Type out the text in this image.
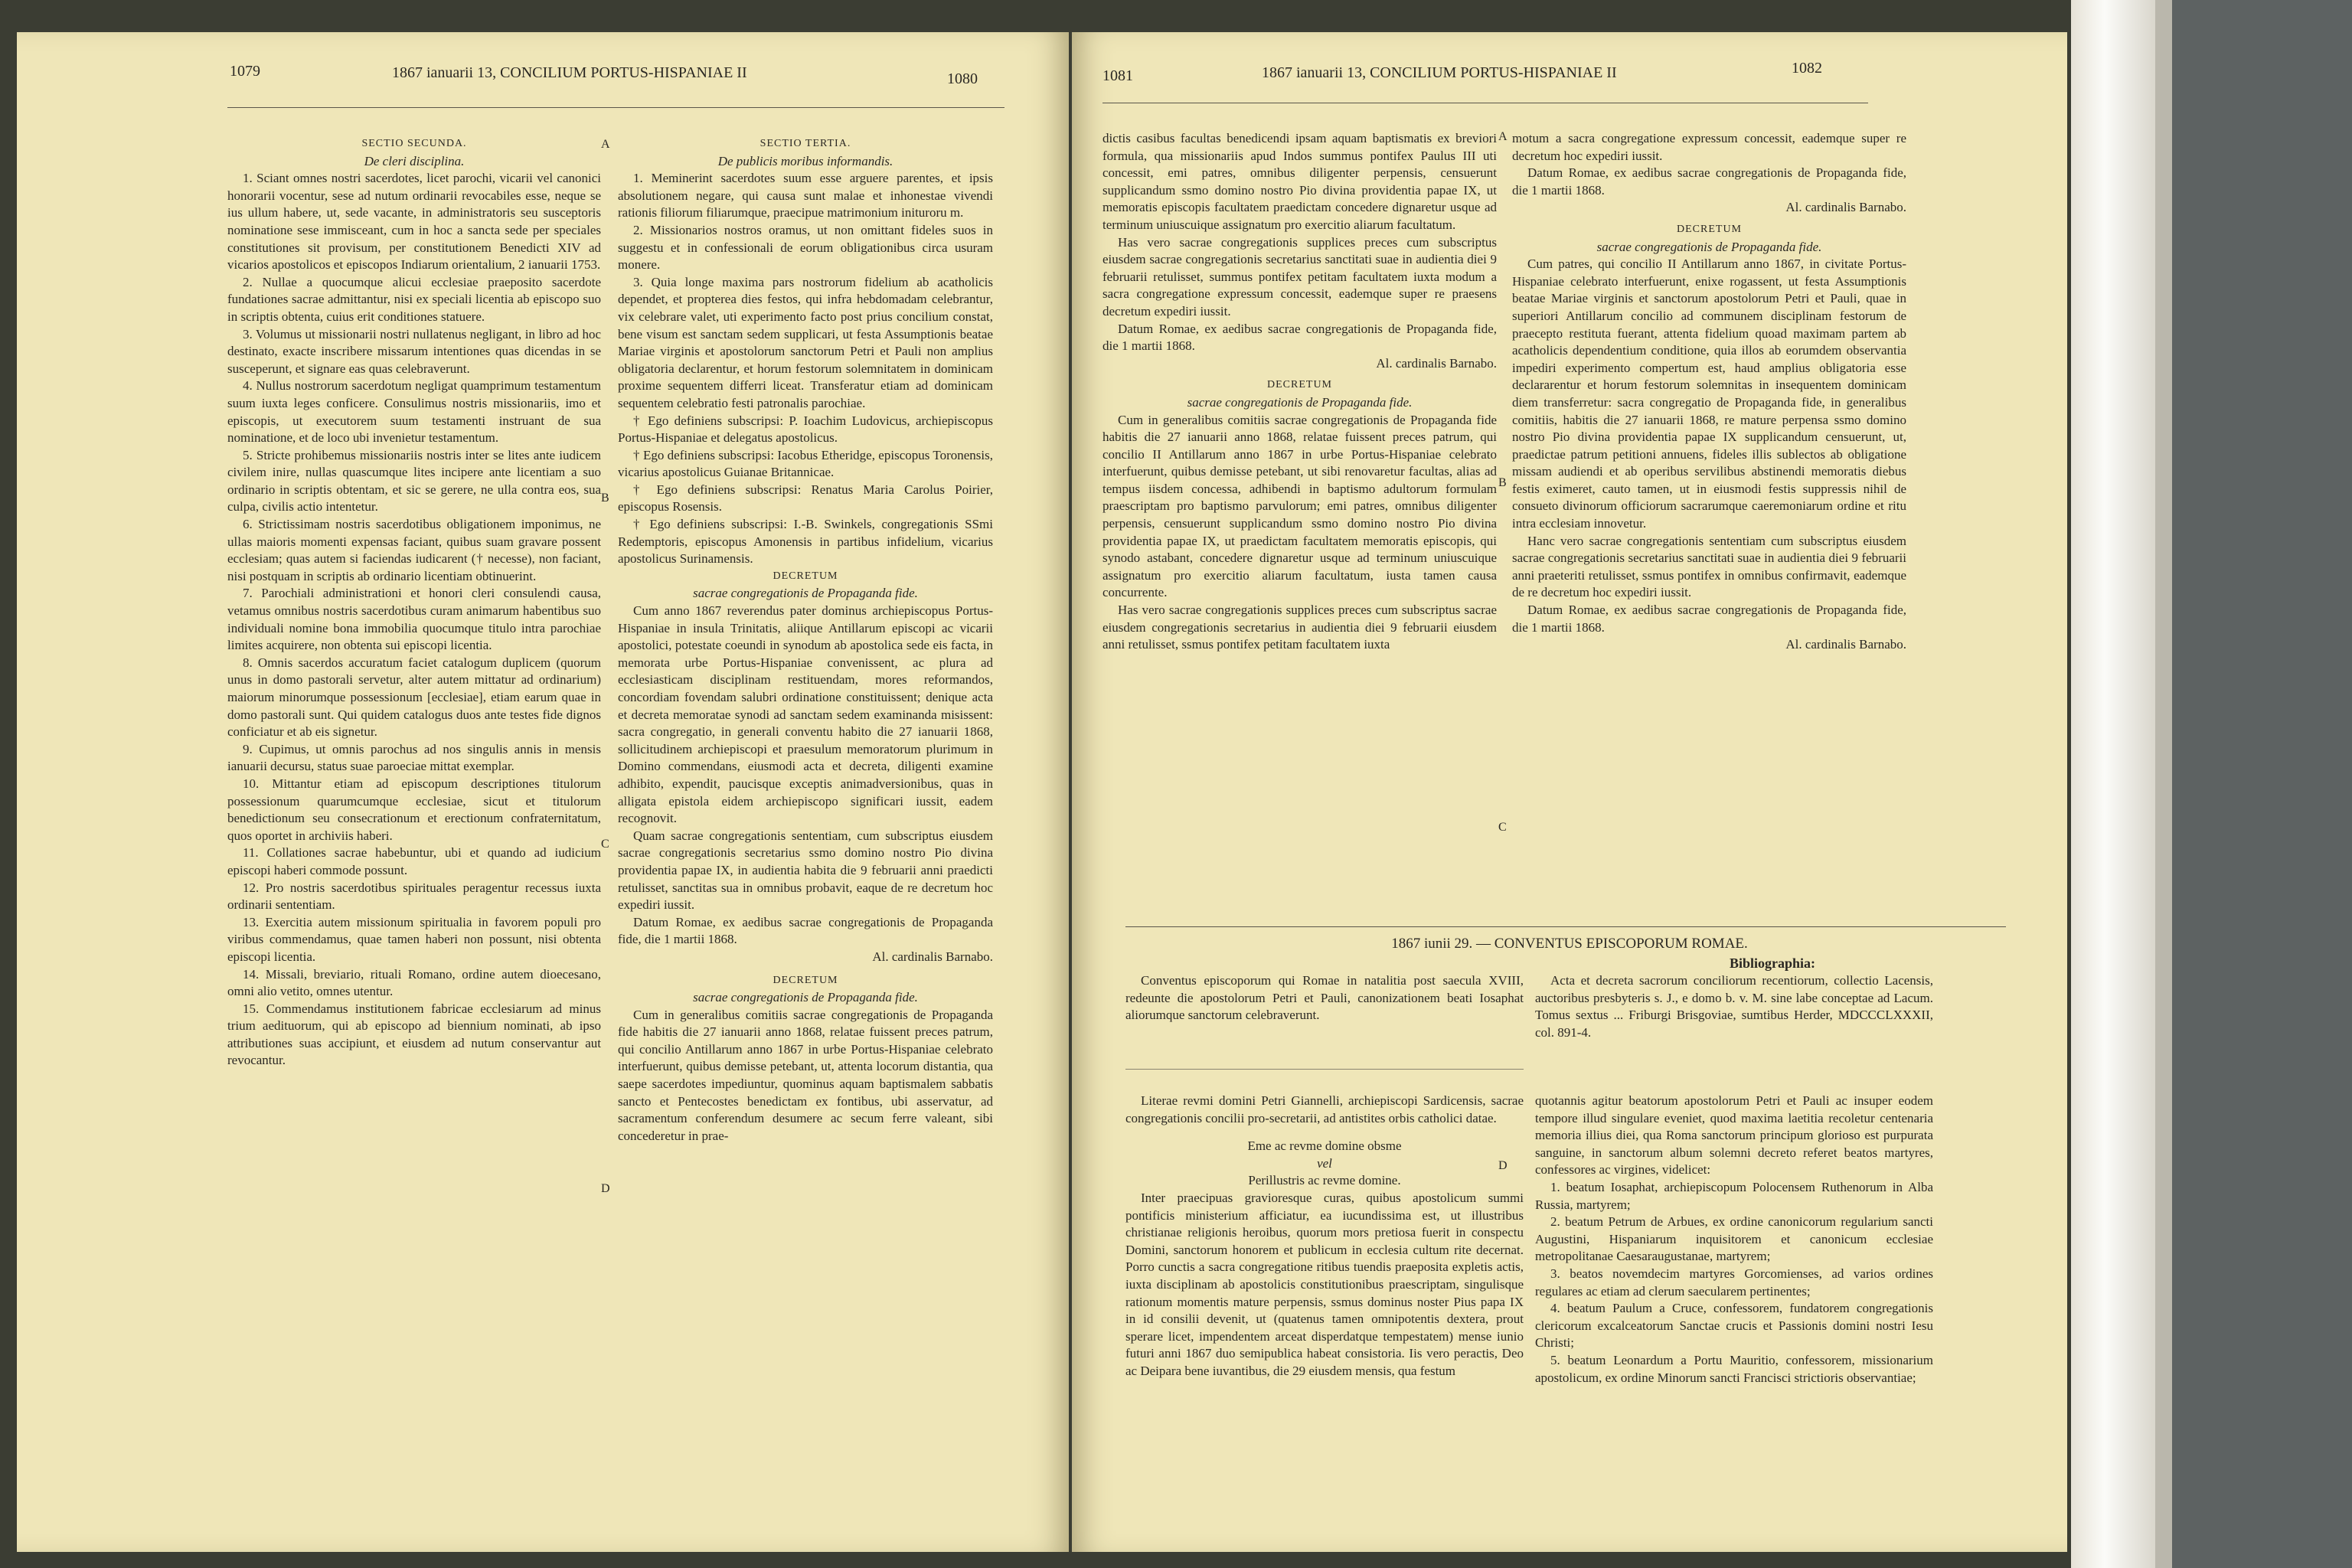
1079	1867 ianuarii 13, CONCILIUM PORTUS-HISPANIAE II	1080

SECTIO SECUNDA.

De cleri disciplina.

1. Sciant omnes nostri sacerdotes, licet parochi, vicarii vel canonici honorarii vocentur, sese ad nutum ordinarii revocabiles esse, neque se ius ullum habere, ut, sede vacante, in administratoris seu susceptoris nominatione sese immisceant, cum in hoc a sancta sede per speciales constitutiones sit provisum, per constitutionem Benedicti XIV ad vicarios apostolicos et episcopos Indiarum orientalium, 2 ianuarii 1753.

2. Nullae a quocumque alicui ecclesiae praeposito sacerdote fundationes sacrae admittantur, nisi ex speciali licentia ab episcopo suo in scriptis obtenta, cuius erit conditiones statuere.

3. Volumus ut missionarii nostri nullatenus negligant, in libro ad hoc destinato, exacte inscribere missarum intentiones quas dicendas in se susceperunt, et signare eas quas celebraverunt.

4. Nullus nostrorum sacerdotum negligat quamprimum testamentum suum iuxta leges conficere. Consulimus nostris missionariis, imo et episcopis, ut executorem suum testamenti instruant de sua nominatione, et de loco ubi invenietur testamentum.

5. Stricte prohibemus missionariis nostris inter se lites ante iudicem civilem inire, nullas quascumque lites incipere ante licentiam a suo ordinario in scriptis obtentam, et sic se gerere, ne ulla contra eos, sua culpa, civilis actio intentetur.

6. Strictissimam nostris sacerdotibus obligationem imponimus, ne ullas maioris momenti expensas faciant, quibus suam gravare possent ecclesiam; quas autem si faciendas iudicarent († necesse), non faciant, nisi postquam in scriptis ab ordinario licentiam obtinuerint.

7. Parochiali administrationi et honori cleri consulendi causa, vetamus omnibus nostris sacerdotibus curam animarum habentibus suo individuali nomine bona immobilia quocumque titulo intra parochiae limites acquirere, non obtenta sui episcopi licentia.

8. Omnis sacerdos accuratum faciet catalogum duplicem (quorum unus in domo pastorali servetur, alter autem mittatur ad ordinarium) maiorum minorumque possessionum [ecclesiae], etiam earum quae in domo pastorali sunt. Qui quidem catalogus duos ante testes fide dignos conficiatur et ab eis signetur.

9. Cupimus, ut omnis parochus ad nos singulis annis in mensis ianuarii decursu, status suae paroeciae mittat exemplar.

10. Mittantur etiam ad episcopum descriptiones titulorum possessionum quarumcumque ecclesiae, sicut et titulorum benedictionum seu consecrationum et erectionum confraternitatum, quos oportet in archiviis haberi.

11. Collationes sacrae habebuntur, ubi et quando ad iudicium episcopi haberi commode possunt.

12. Pro nostris sacerdotibus spirituales peragentur recessus iuxta ordinarii sententiam.

13. Exercitia autem missionum spiritualia in favorem populi pro viribus commendamus, quae tamen haberi non possunt, nisi obtenta episcopi licentia.

14. Missali, breviario, rituali Romano, ordine autem dioecesano, omni alio vetito, omnes utentur.

15. Commendamus institutionem fabricae ecclesiarum ad minus trium aedituorum, qui ab episcopo ad biennium nominati, ab ipso attributiones suas accipiunt, et eiusdem ad nutum conservantur aut revocantur.

A
B
C
D

SECTIO TERTIA.

De publicis moribus informandis.

1. Meminerint sacerdotes suum esse arguere parentes, et ipsis absolutionem negare, qui causa sunt malae et inhonestae vivendi rationis filiorum filiarumque, praecipue matrimonium inituroru m.

2. Missionarios nostros oramus, ut non omittant fideles suos in suggestu et in confessionali de eorum obligationibus circa usuram monere.

3. Quia longe maxima pars nostrorum fidelium ab acatholicis dependet, et propterea dies festos, qui infra hebdomadam celebrantur, vix celebrare valet, uti experimento facto post prius concilium constat, bene visum est sanctam sedem supplicari, ut festa Assumptionis beatae Mariae virginis et apostolorum sanctorum Petri et Pauli non amplius obligatoria declarentur, et horum festorum solemnitatem in dominicam proxime sequentem differri liceat. Transferatur etiam ad dominicam sequentem celebratio festi patronalis parochiae.

† Ego definiens subscripsi: P. Ioachim Ludovicus, archiepiscopus Portus-Hispaniae et delegatus apostolicus.

† Ego definiens subscripsi: Iacobus Etheridge, episcopus Toronensis, vicarius apostolicus Guianae Britannicae.

† Ego definiens subscripsi: Renatus Maria Carolus Poirier, episcopus Rosensis.

† Ego definiens subscripsi: I.-B. Swinkels, congregationis SSmi Redemptoris, episcopus Amonensis in partibus infidelium, vicarius apostolicus Surinamensis.

DECRETUM

sacrae congregationis de Propaganda fide.

Cum anno 1867 reverendus pater dominus archiepiscopus Portus-Hispaniae in insula Trinitatis, aliique Antillarum episcopi ac vicarii apostolici, potestate coeundi in synodum ab apostolica sede eis facta, in memorata urbe Portus-Hispaniae convenissent, ac plura ad ecclesiasticam disciplinam restituendam, mores reformandos, concordiam fovendam salubri ordinatione constituissent; denique acta et decreta memoratae synodi ad sanctam sedem examinanda misissent: sacra congregatio, in generali conventu habito die 27 ianuarii 1868, sollicitudinem archiepiscopi et praesulum memoratorum plurimum in Domino commendans, eiusmodi acta et decreta, diligenti examine adhibito, expendit, paucisque exceptis animadversionibus, quas in alligata epistola eidem archiepiscopo significari iussit, eadem recognovit.

Quam sacrae congregationis sententiam, cum subscriptus eiusdem sacrae congregationis secretarius ssmo domino nostro Pio divina providentia papae IX, in audientia habita die 9 februarii anni praedicti retulisset, sanctitas sua in omnibus probavit, eaque de re decretum hoc expediri iussit.

Datum Romae, ex aedibus sacrae congregationis de Propaganda fide, die 1 martii 1868.

Al. cardinalis Barnabo.

DECRETUM

sacrae congregationis de Propaganda fide.

Cum in generalibus comitiis sacrae congregationis de Propaganda fide habitis die 27 ianuarii anno 1868, relatae fuissent preces patrum, qui concilio Antillarum anno 1867 in urbe Portus-Hispaniae celebrato interfuerunt, quibus demisse petebant, ut, attenta locorum distantia, qua saepe sacerdotes impediuntur, quominus aquam baptismalem sabbatis sancto et Pentecostes benedictam ex fontibus, ubi asservatur, ad sacramentum conferendum desumere ac secum ferre valeant, sibi concederetur in prae-

1081	1867 ianuarii 13, CONCILIUM PORTUS-HISPANIAE II	1082

dictis casibus facultas benedicendi ipsam aquam baptismatis ex breviori formula, qua missionariis apud Indos summus pontifex Paulus III uti concessit, emi patres, omnibus diligenter perpensis, censuerunt supplicandum ssmo domino nostro Pio divina providentia papae IX, ut memoratis episcopis facultatem praedictam concedere dignaretur usque ad terminum uniuscuique assignatum pro exercitio aliarum facultatum.

Has vero sacrae congregationis supplices preces cum subscriptus eiusdem sacrae congregationis secretarius sanctitati suae in audientia diei 9 februarii retulisset, summus pontifex petitam facultatem iuxta modum a sacra congregatione expressum concessit, eademque super re praesens decretum expediri iussit.

Datum Romae, ex aedibus sacrae congregationis de Propaganda fide, die 1 martii 1868.

Al. cardinalis Barnabo.

DECRETUM

sacrae congregationis de Propaganda fide.

Cum in generalibus comitiis sacrae congregationis de Propaganda fide habitis die 27 ianuarii anno 1868, relatae fuissent preces patrum, qui concilio II Antillarum anno 1867 in urbe Portus-Hispaniae celebrato interfuerunt, quibus demisse petebant, ut sibi renovaretur facultas, alias ad tempus iisdem concessa, adhibendi in baptismo adultorum formulam praescriptam pro baptismo parvulorum; emi patres, omnibus diligenter perpensis, censuerunt supplicandum ssmo domino nostro Pio divina providentia papae IX, ut praedictam facultatem memoratis episcopis, qui synodo astabant, concedere dignaretur usque ad terminum uniuscuique assignatum pro exercitio aliarum facultatum, iusta tamen causa concurrente.

Has vero sacrae congregationis supplices preces cum subscriptus sacrae eiusdem congregationis secretarius in audientia diei 9 februarii eiusdem anni retulisset, ssmus pontifex petitam facultatem iuxta

A
B
C
D

motum a sacra congregatione expressum concessit, eademque super re decretum hoc expediri iussit.

Datum Romae, ex aedibus sacrae congregationis de Propaganda fide, die 1 martii 1868.

Al. cardinalis Barnabo.

DECRETUM

sacrae congregationis de Propaganda fide.

Cum patres, qui concilio II Antillarum anno 1867, in civitate Portus-Hispaniae celebrato interfuerunt, enixe rogassent, ut festa Assumptionis beatae Mariae virginis et sanctorum apostolorum Petri et Pauli, quae in superiori Antillarum concilio ad communem disciplinam festorum de praecepto restituta fuerant, attenta fidelium quoad maximam partem ab acatholicis dependentium conditione, quia illos ab eorumdem observantia impediri experimento compertum est, haud amplius obligatoria esse declararentur et horum festorum solemnitas in insequentem dominicam diem transferretur: sacra congregatio de Propaganda fide, in generalibus comitiis, habitis die 27 ianuarii 1868, re mature perpensa ssmo domino nostro Pio divina providentia papae IX supplicandum censuerunt, ut, praedictae patrum petitioni annuens, fideles illis sublectos ab obligatione missam audiendi et ab operibus servilibus abstinendi memoratis diebus festis eximeret, cauto tamen, ut in eiusmodi festis suppressis nihil de consueto divinorum officiorum sacrarumque caeremoniarum ordine et ritu intra ecclesiam innovetur.

Hanc vero sacrae congregationis sententiam cum subscriptus eiusdem sacrae congregationis secretarius sanctitati suae in audientia diei 9 februarii anni praeteriti retulisset, ssmus pontifex in omnibus confirmavit, eademque de re decretum hoc expediri iussit.

Datum Romae, ex aedibus sacrae congregationis de Propaganda fide, die 1 martii 1868.

Al. cardinalis Barnabo.

1867 iunii 29. — CONVENTUS EPISCOPORUM ROMAE.
Bibliographia:

Conventus episcoporum qui Romae in natalitia post saecula XVIII, redeunte die apostolorum Petri et Pauli, canonizationem beati Iosaphat aliorumque sanctorum celebraverunt.

Acta et decreta sacrorum conciliorum recentiorum, collectio Lacensis, auctoribus presbyteris s. J., e domo b. v. M. sine labe conceptae ad Lacum. Tomus sextus ... Friburgi Brisgoviae, sumtibus Herder, MDCCCLXXXII, col. 891-4.

Literae revmi domini Petri Giannelli, archiepiscopi Sardicensis, sacrae congregationis concilii pro-secretarii, ad antistites orbis catholici datae.

Eme ac revme domine obsme

vel

Perillustris ac revme domine.

Inter praecipuas gravioresque curas, quibus apostolicum summi pontificis ministerium afficiatur, ea iucundissima est, ut illustribus christianae religionis heroibus, quorum mors pretiosa fuerit in conspectu Domini, sanctorum honorem et publicum in ecclesia cultum rite decernat. Porro cunctis a sacra congregatione ritibus tuendis praeposita expletis actis, iuxta disciplinam ab apostolicis constitutionibus praescriptam, singulisque rationum momentis mature perpensis, ssmus dominus noster Pius papa IX in id consilii devenit, ut (quatenus tamen omnipotentis dextera, prout sperare licet, impendentem arceat disperdatque tempestatem) mense iunio futuri anni 1867 duo semipublica habeat consistoria. Iis vero peractis, Deo ac Deipara bene iuvantibus, die 29 eiusdem mensis, qua festum

quotannis agitur beatorum apostolorum Petri et Pauli ac insuper eodem tempore illud singulare eveniet, quod maxima laetitia recoletur centenaria memoria illius diei, qua Roma sanctorum principum glorioso est purpurata sanguine, in sanctorum album solemni decreto referet beatos martyres, confessores ac virgines, videlicet:

1. beatum Iosaphat, archiepiscopum Polocensem Ruthenorum in Alba Russia, martyrem;

2. beatum Petrum de Arbues, ex ordine canonicorum regularium sancti Augustini, Hispaniarum inquisitorem et canonicum ecclesiae metropolitanae Caesaraugustanae, martyrem;

3. beatos novemdecim martyres Gorcomienses, ad varios ordines regulares ac etiam ad clerum saecularem pertinentes;

4. beatum Paulum a Cruce, confessorem, fundatorem congregationis clericorum excalceatorum Sanctae crucis et Passionis domini nostri Iesu Christi;

5. beatum Leonardum a Portu Mauritio, confessorem, missionarium apostolicum, ex ordine Minorum sancti Francisci strictioris observantiae;
